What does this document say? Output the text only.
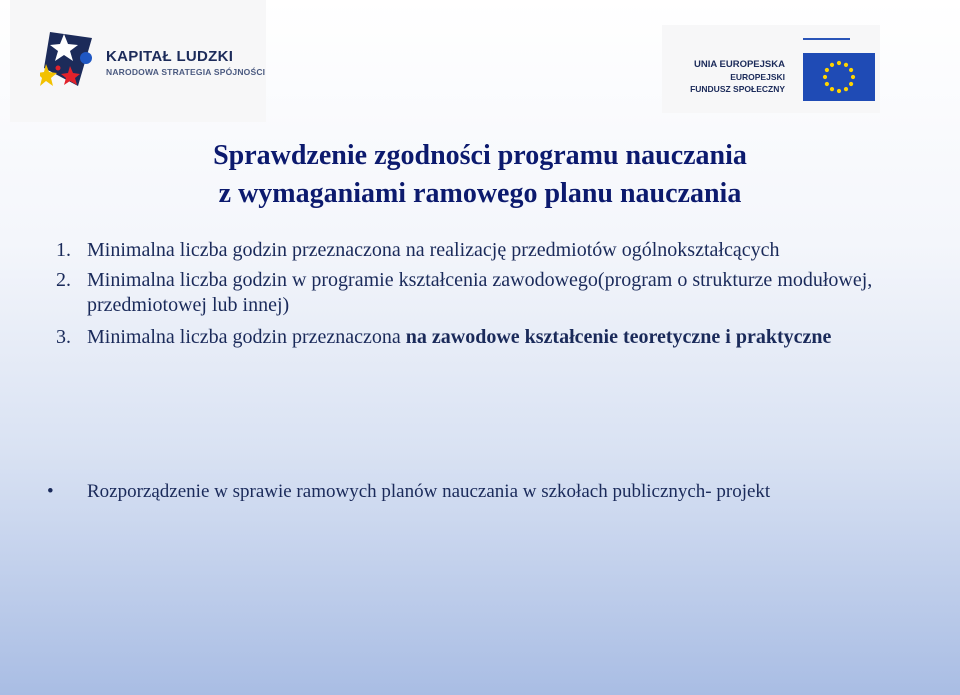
KAPITAŁ LUDZKI
NARODOWA STRATEGIA SPÓJNOŚCI
UNIA EUROPEJSKA
EUROPEJSKI
FUNDUSZ SPOŁECZNY
Sprawdzenie zgodności programu nauczania
z wymaganiami ramowego planu nauczania
1. Minimalna liczba godzin przeznaczona na realizację przedmiotów ogólnokształcących
2. Minimalna liczba godzin w programie kształcenia zawodowego(program o strukturze modułowej, przedmiotowej lub innej)
3. Minimalna liczba godzin przeznaczona na zawodowe kształcenie teoretyczne i praktyczne
• Rozporządzenie w sprawie ramowych planów nauczania w szkołach publicznych- projekt
